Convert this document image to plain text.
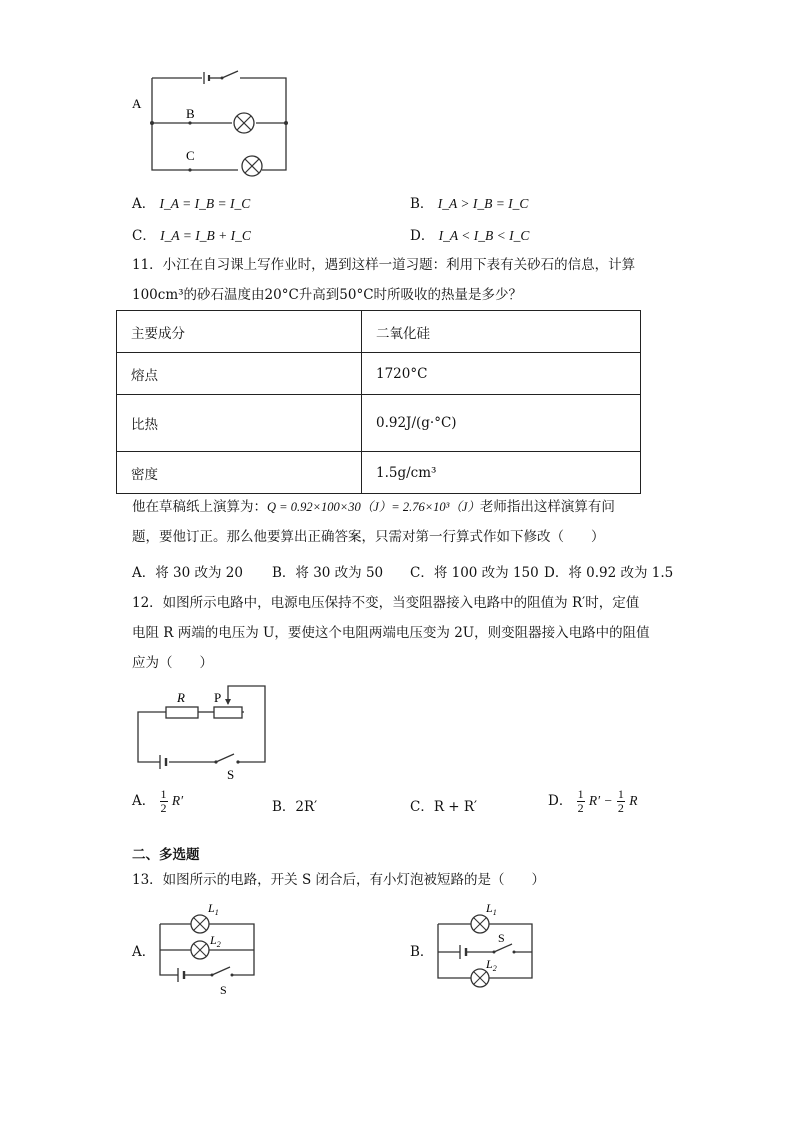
A
B
C
A． I_A = I_B = I_C	B． I_A > I_B = I_C
C． I_A = I_B + I_C	D． I_A < I_B < I_C
11．小江在自习课上写作业时，遇到这样一道习题：利用下表有关砂石的信息，计算
100cm³的砂石温度由20°C升高到50°C时所吸收的热量是多少？
主要成分	二氧化硅
熔点	1720°C
比热	0.92J/(g·°C)
密度	1.5g/cm³
他在草稿纸上演算为：Q = 0.92×100×30（J）= 2.76×10³（J）老师指出这样演算有问
题，要他订正。那么他要算出正确答案，只需对第一行算式作如下修改（　　）
A．将 30 改为 20 B．将 30 改为 50 C．将 100 改为 150 D．将 0.92 改为 1.5
12．如图所示电路中，电源电压保持不变，当变阻器接入电路中的阻值为 R′时，定值
电阻 R 两端的电压为 U，要使这个电阻两端电压变为 2U，则变阻器接入电路中的阻值
应为（　　）
R P
S
A． $\frac{1}{2} R'$	B．2R′	C．R + R′	D． $\frac{1}{2} R' - \frac{1}{2}$ R
二、多选题
13．如图所示的电路，开关 S 闭合后，有小灯泡被短路的是（　　）
A．
$L_1$
$L_2$
S
B．
$L_1$
S
$L_2$
